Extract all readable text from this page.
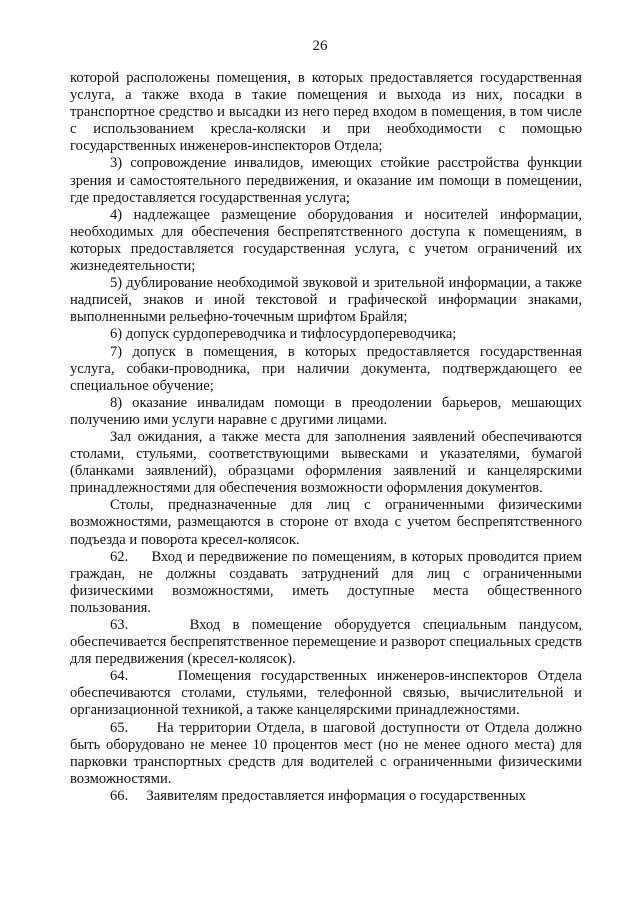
26

которой расположены помещения, в которых предоставляется государственная услуга, а также входа в такие помещения и выхода из них, посадки в транспортное средство и высадки из него перед входом в помещения, в том числе с использованием кресла-коляски и при необходимости с помощью государственных инженеров-инспекторов Отдела;

3) сопровождение инвалидов, имеющих стойкие расстройства функции зрения и самостоятельного передвижения, и оказание им помощи в помещении, где предоставляется государственная услуга;

4) надлежащее размещение оборудования и носителей информации, необходимых для обеспечения беспрепятственного доступа к помещениям, в которых предоставляется государственная услуга, с учетом ограничений их жизнедеятельности;

5) дублирование необходимой звуковой и зрительной информации, а также надписей, знаков и иной текстовой и графической информации знаками, выполненными рельефно-точечным шрифтом Брайля;

6) допуск сурдопереводчика и тифлосурдопереводчика;

7) допуск в помещения, в которых предоставляется государственная услуга, собаки-проводника, при наличии документа, подтверждающего ее специальное обучение;

8) оказание инвалидам помощи в преодолении барьеров, мешающих получению ими услуги наравне с другими лицами.

Зал ожидания, а также места для заполнения заявлений обеспечиваются столами, стульями, соответствующими вывесками и указателями, бумагой (бланками заявлений), образцами оформления заявлений и канцелярскими принадлежностями для обеспечения возможности оформления документов.

Столы, предназначенные для лиц с ограниченными физическими возможностями, размещаются в стороне от входа с учетом беспрепятственного подъезда и поворота кресел-колясок.

62.     Вход и передвижение по помещениям, в которых проводится прием граждан, не должны создавать затруднений для лиц с ограниченными физическими возможностями, иметь доступные места общественного пользования.

63.     Вход в помещение оборудуется специальным пандусом, обеспечивается беспрепятственное перемещение и разворот специальных средств для передвижения (кресел-колясок).

64.     Помещения государственных инженеров-инспекторов Отдела обеспечиваются столами, стульями, телефонной связью, вычислительной и организационной техникой, а также канцелярскими принадлежностями.

65.     На территории Отдела, в шаговой доступности от Отдела должно быть оборудовано не менее 10 процентов мест (но не менее одного места) для парковки транспортных средств для водителей с ограниченными физическими возможностями.

66.     Заявителям предоставляется информация о государственных
